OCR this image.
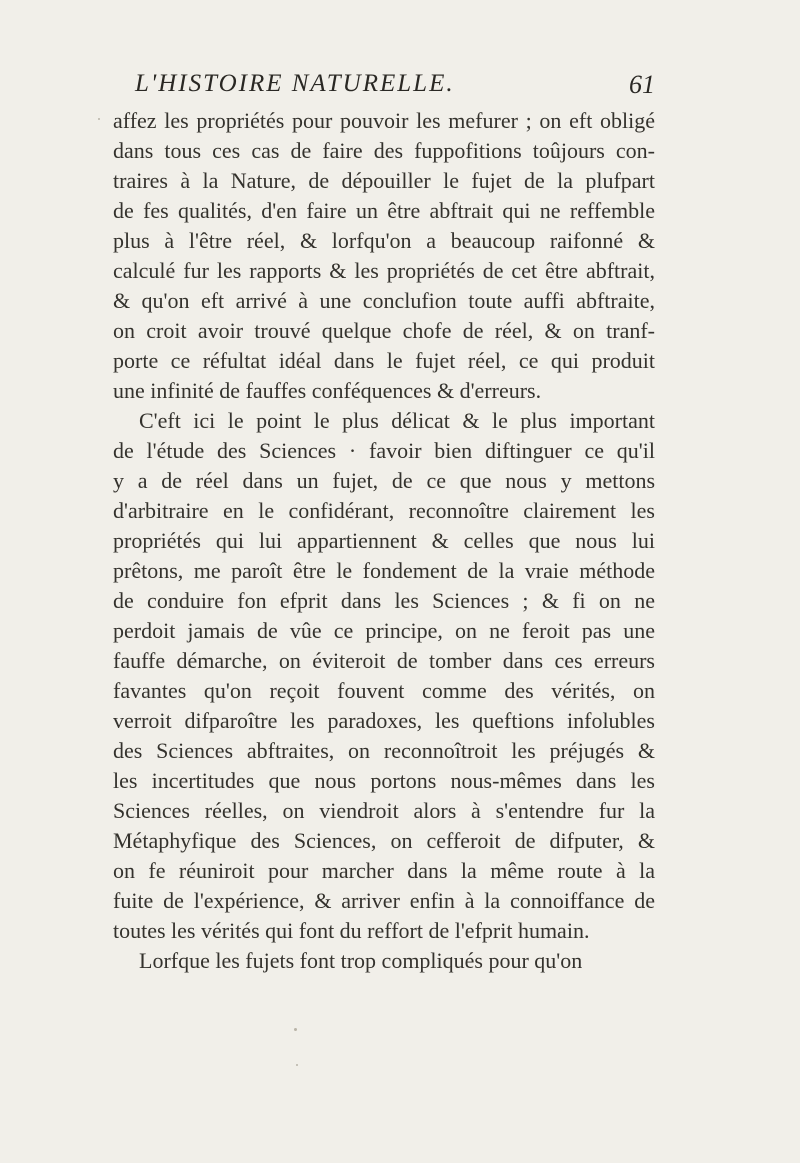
L'HISTOIRE NATURELLE.	61
affez les propriétés pour pouvoir les mefurer ; on eft obligé
dans tous ces cas de faire des fuppofitions toûjours con-
traires à la Nature, de dépouiller le fujet de la plufpart
de fes qualités, d'en faire un être abftrait qui ne reffemble
plus à l'être réel, & lorfqu'on a beaucoup raifonné &
calculé fur les rapports & les propriétés de cet être abftrait,
& qu'on eft arrivé à une conclufion toute auffi abftraite,
on croit avoir trouvé quelque chofe de réel, & on tranf-
porte ce réfultat idéal dans le fujet réel, ce qui produit
une infinité de fauffes conféquences & d'erreurs.
C'eft ici le point le plus délicat & le plus important
de l'étude des Sciences · favoir bien diftinguer ce qu'il
y a de réel dans un fujet, de ce que nous y mettons
d'arbitraire en le confidérant, reconnoître clairement les
propriétés qui lui appartiennent & celles que nous lui
prêtons, me paroît être le fondement de la vraie méthode
de conduire fon efprit dans les Sciences ; & fi on ne
perdoit jamais de vûe ce principe, on ne feroit pas une
fauffe démarche, on éviteroit de tomber dans ces erreurs
favantes qu'on reçoit fouvent comme des vérités, on
verroit difparoître les paradoxes, les queftions infolubles
des Sciences abftraites, on reconnoîtroit les préjugés &
les incertitudes que nous portons nous-mêmes dans les
Sciences réelles, on viendroit alors à s'entendre fur la
Métaphyfique des Sciences, on cefferoit de difputer, &
on fe réuniroit pour marcher dans la même route à la
fuite de l'expérience, & arriver enfin à la connoiffance de
toutes les vérités qui font du reffort de l'efprit humain.
Lorfque les fujets font trop compliqués pour qu'on
